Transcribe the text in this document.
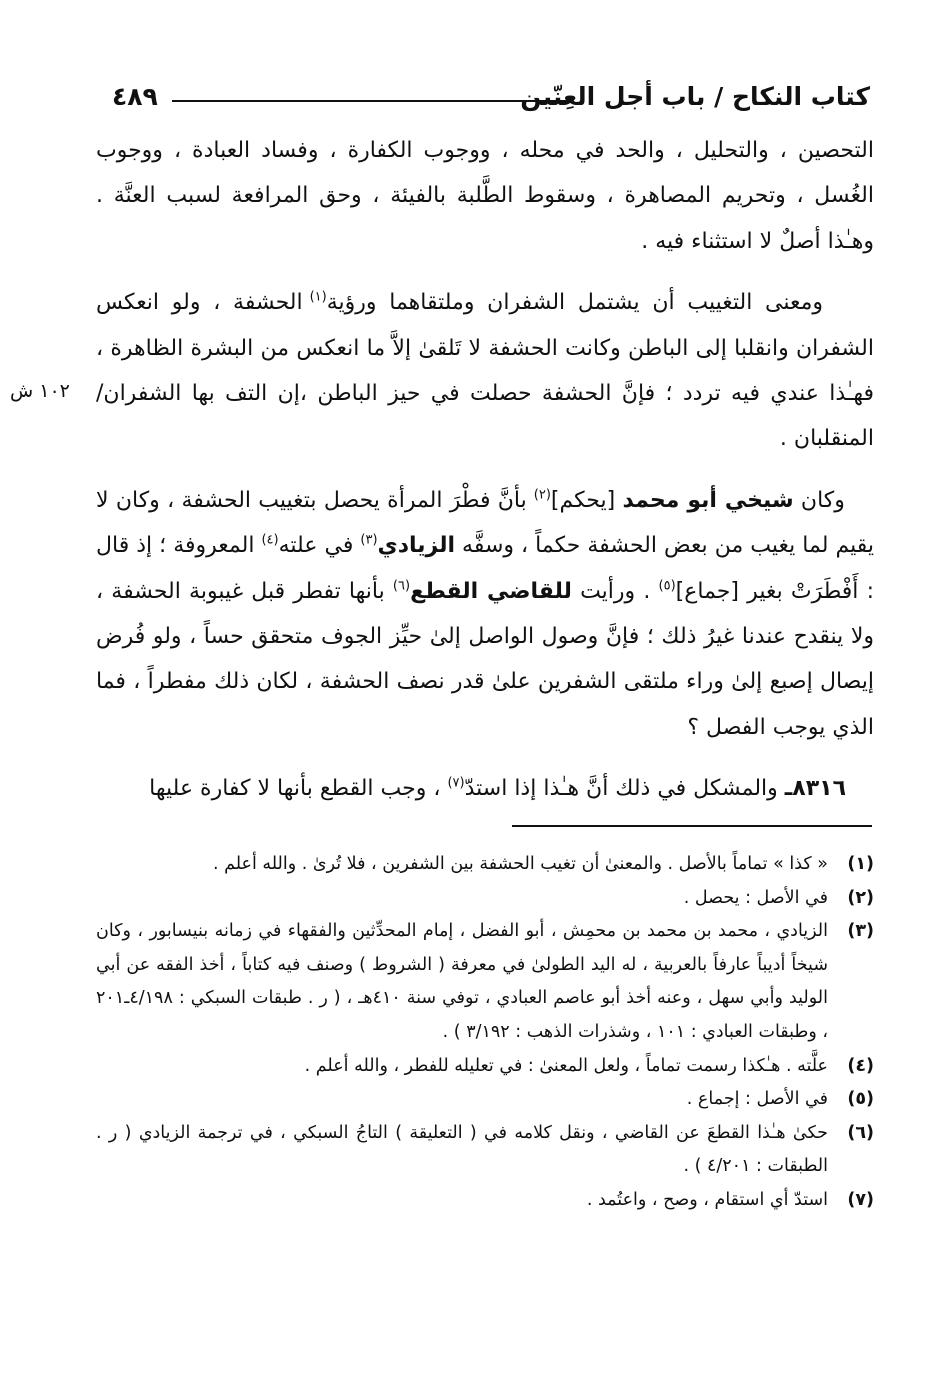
كتاب النكاح / باب أجل العِنّين
٤٨٩
١٠٢ ش

التحصين ، والتحليل ، والحد في محله ، ووجوب الكفارة ، وفساد العبادة ، ووجوب الغُسل ، وتحريم المصاهرة ، وسقوط الطَّلبة بالفيئة ، وحق المرافعة لسبب العنَّة . وهـٰذا أصلٌ لا استثناء فيه .

ومعنى التغييب أن يشتمل الشفران وملتقاهما ورؤية$^{(١)}$ الحشفة ، ولو انعكس الشفران وانقلبا إلى الباطن وكانت الحشفة لا تَلقىٰ إلاَّ ما انعكس من البشرة الظاهرة ، فهـٰذا عندي فيه تردد ؛ فإنَّ الحشفة حصلت في حيز الباطن ،إن التف بها الشفران/ المنقلبان .

وكان شيخي أبو محمد [يحكم]$^{(٢)}$ بأنَّ فطْرَ المرأة يحصل بتغييب الحشفة ، وكان لا يقيم لما يغيب من بعض الحشفة حكماً ، وسفَّه الزيادي$^{(٣)}$ في علته$^{(٤)}$ المعروفة ؛ إذ قال : أَفْطَرَتْ بغير [جماع]$^{(٥)}$ . ورأيت للقاضي القطع$^{(٦)}$ بأنها تفطر قبل غيبوبة الحشفة ، ولا ينقدح عندنا غيرُ ذلك ؛ فإنَّ وصول الواصل إلىٰ حيِّز الجوف متحقق حساً ، ولو فُرض إيصال إصبع إلىٰ وراء ملتقى الشفرين علىٰ قدر نصف الحشفة ، لكان ذلك مفطراً ، فما الذي يوجب الفصل ؟

٨٣١٦ـ والمشكل في ذلك أنَّ هـٰذا إذا استدّ$^{(٧)}$ ، وجب القطع بأنها لا كفارة عليها

(١)
« كذا » تماماً بالأصل . والمعنىٰ أن تغيب الحشفة بين الشفرين ، فلا تُرىٰ . والله أعلم .
(٢)
في الأصل : يحصل .
(٣)
الزيادي ، محمد بن محمد بن محمِش ، أبو الفضل ، إمام المحدِّثين والفقهاء في زمانه بنيسابور ، وكان شيخاً أديباً عارفاً بالعربية ، له اليد الطولىٰ في معرفة ( الشروط ) وصنف فيه كتاباً ، أخذ الفقه عن أبي الوليد وأبي سهل ، وعنه أخذ أبو عاصم العبادي ، توفي سنة ٤١٠هـ ، ( ر . طبقات السبكي : ٤/١٩٨ـ٢٠١ ، وطبقات العبادي : ١٠١ ، وشذرات الذهب : ٣/١٩٢ ) .
(٤)
علَّته . هـٰكذا رسمت تماماً ، ولعل المعنىٰ : في تعليله للفطر ، والله أعلم .
(٥)
في الأصل : إجماع .
(٦)
حكىٰ هـٰذا القطعَ عن القاضي ، ونقل كلامه في ( التعليقة ) التاجُ السبكي ، في ترجمة الزيادي ( ر . الطبقات : ٤/٢٠١ ) .
(٧)
استدّ أي استقام ، وصح ، واعتُمد .
